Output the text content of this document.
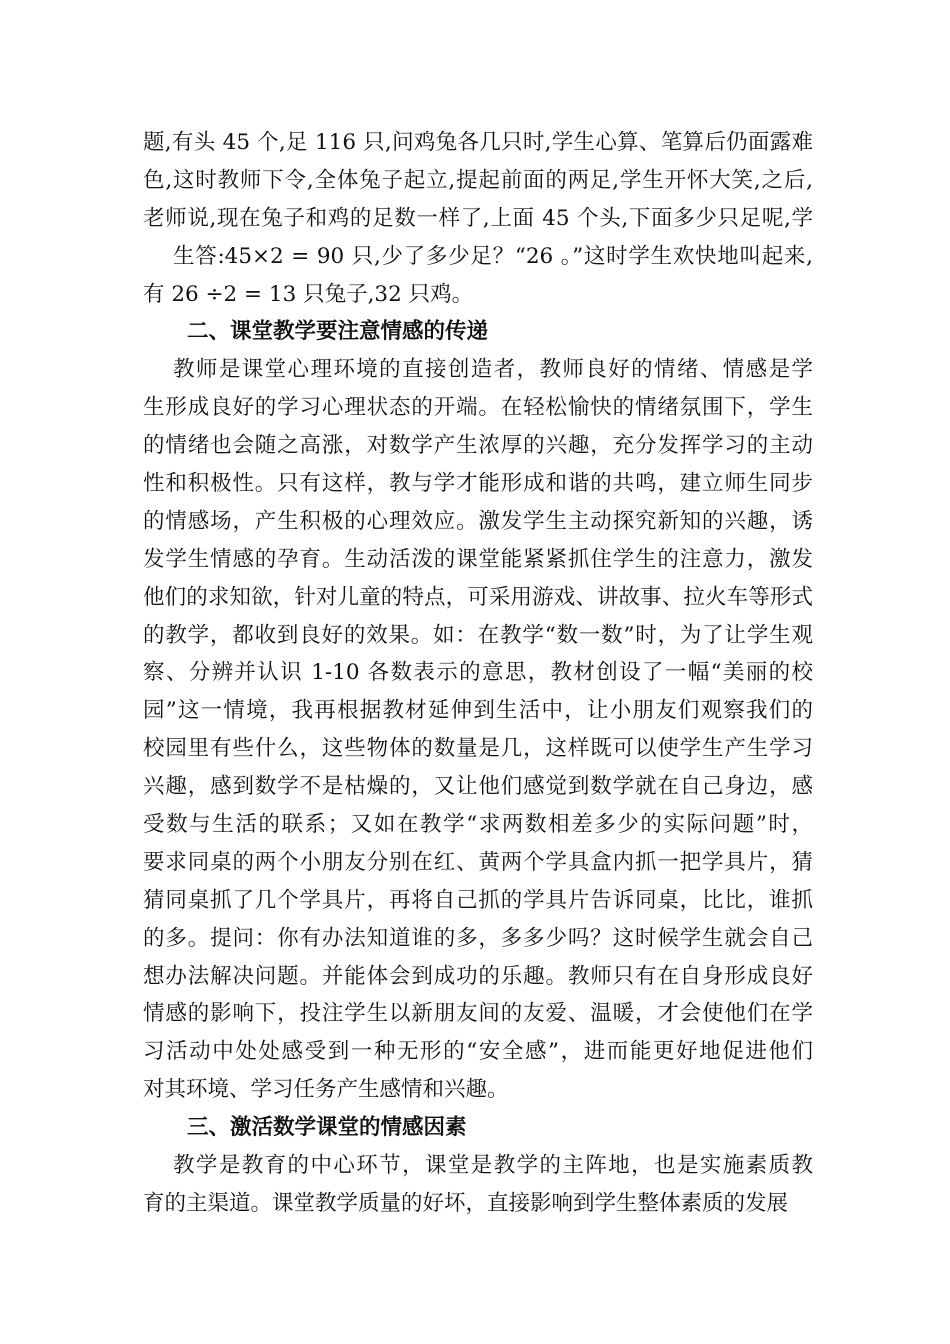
题,有头 45 个,足 116 只,问鸡兔各几只时,学生心算、笔算后仍面露难
色,这时教师下令,全体兔子起立,提起前面的两足,学生开怀大笑,之后,
老师说,现在兔子和鸡的足数一样了,上面 45 个头,下面多少只足呢,学
生答:45×2 = 90 只,少了多少足？“26 。”这时学生欢快地叫起来,
有 26 ÷2 = 13 只兔子,32 只鸡。
二、课堂教学要注意情感的传递
教师是课堂心理环境的直接创造者，教师良好的情绪、情感是学
生形成良好的学习心理状态的开端。在轻松愉快的情绪氛围下，学生
的情绪也会随之高涨，对数学产生浓厚的兴趣，充分发挥学习的主动
性和积极性。只有这样，教与学才能形成和谐的共鸣，建立师生同步
的情感场，产生积极的心理效应。激发学生主动探究新知的兴趣，诱
发学生情感的孕育。生动活泼的课堂能紧紧抓住学生的注意力，激发
他们的求知欲，针对儿童的特点，可采用游戏、讲故事、拉火车等形式
的教学，都收到良好的效果。如：在教学“数一数”时，为了让学生观
察、分辨并认识 1-10 各数表示的意思，教材创设了一幅“美丽的校
园”这一情境，我再根据教材延伸到生活中，让小朋友们观察我们的
校园里有些什么，这些物体的数量是几，这样既可以使学生产生学习
兴趣，感到数学不是枯燥的，又让他们感觉到数学就在自己身边，感
受数与生活的联系；又如在教学“求两数相差多少的实际问题”时，
要求同桌的两个小朋友分别在红、黄两个学具盒内抓一把学具片，猜
猜同桌抓了几个学具片，再将自己抓的学具片告诉同桌，比比，谁抓
的多。提问：你有办法知道谁的多，多多少吗？这时候学生就会自己
想办法解决问题。并能体会到成功的乐趣。教师只有在自身形成良好
情感的影响下，投注学生以新朋友间的友爱、温暖，才会使他们在学
习活动中处处感受到一种无形的“安全感”，进而能更好地促进他们
对其环境、学习任务产生感情和兴趣。
三、激活数学课堂的情感因素
教学是教育的中心环节，课堂是教学的主阵地，也是实施素质教
育的主渠道。课堂教学质量的好坏，直接影响到学生整体素质的发展
